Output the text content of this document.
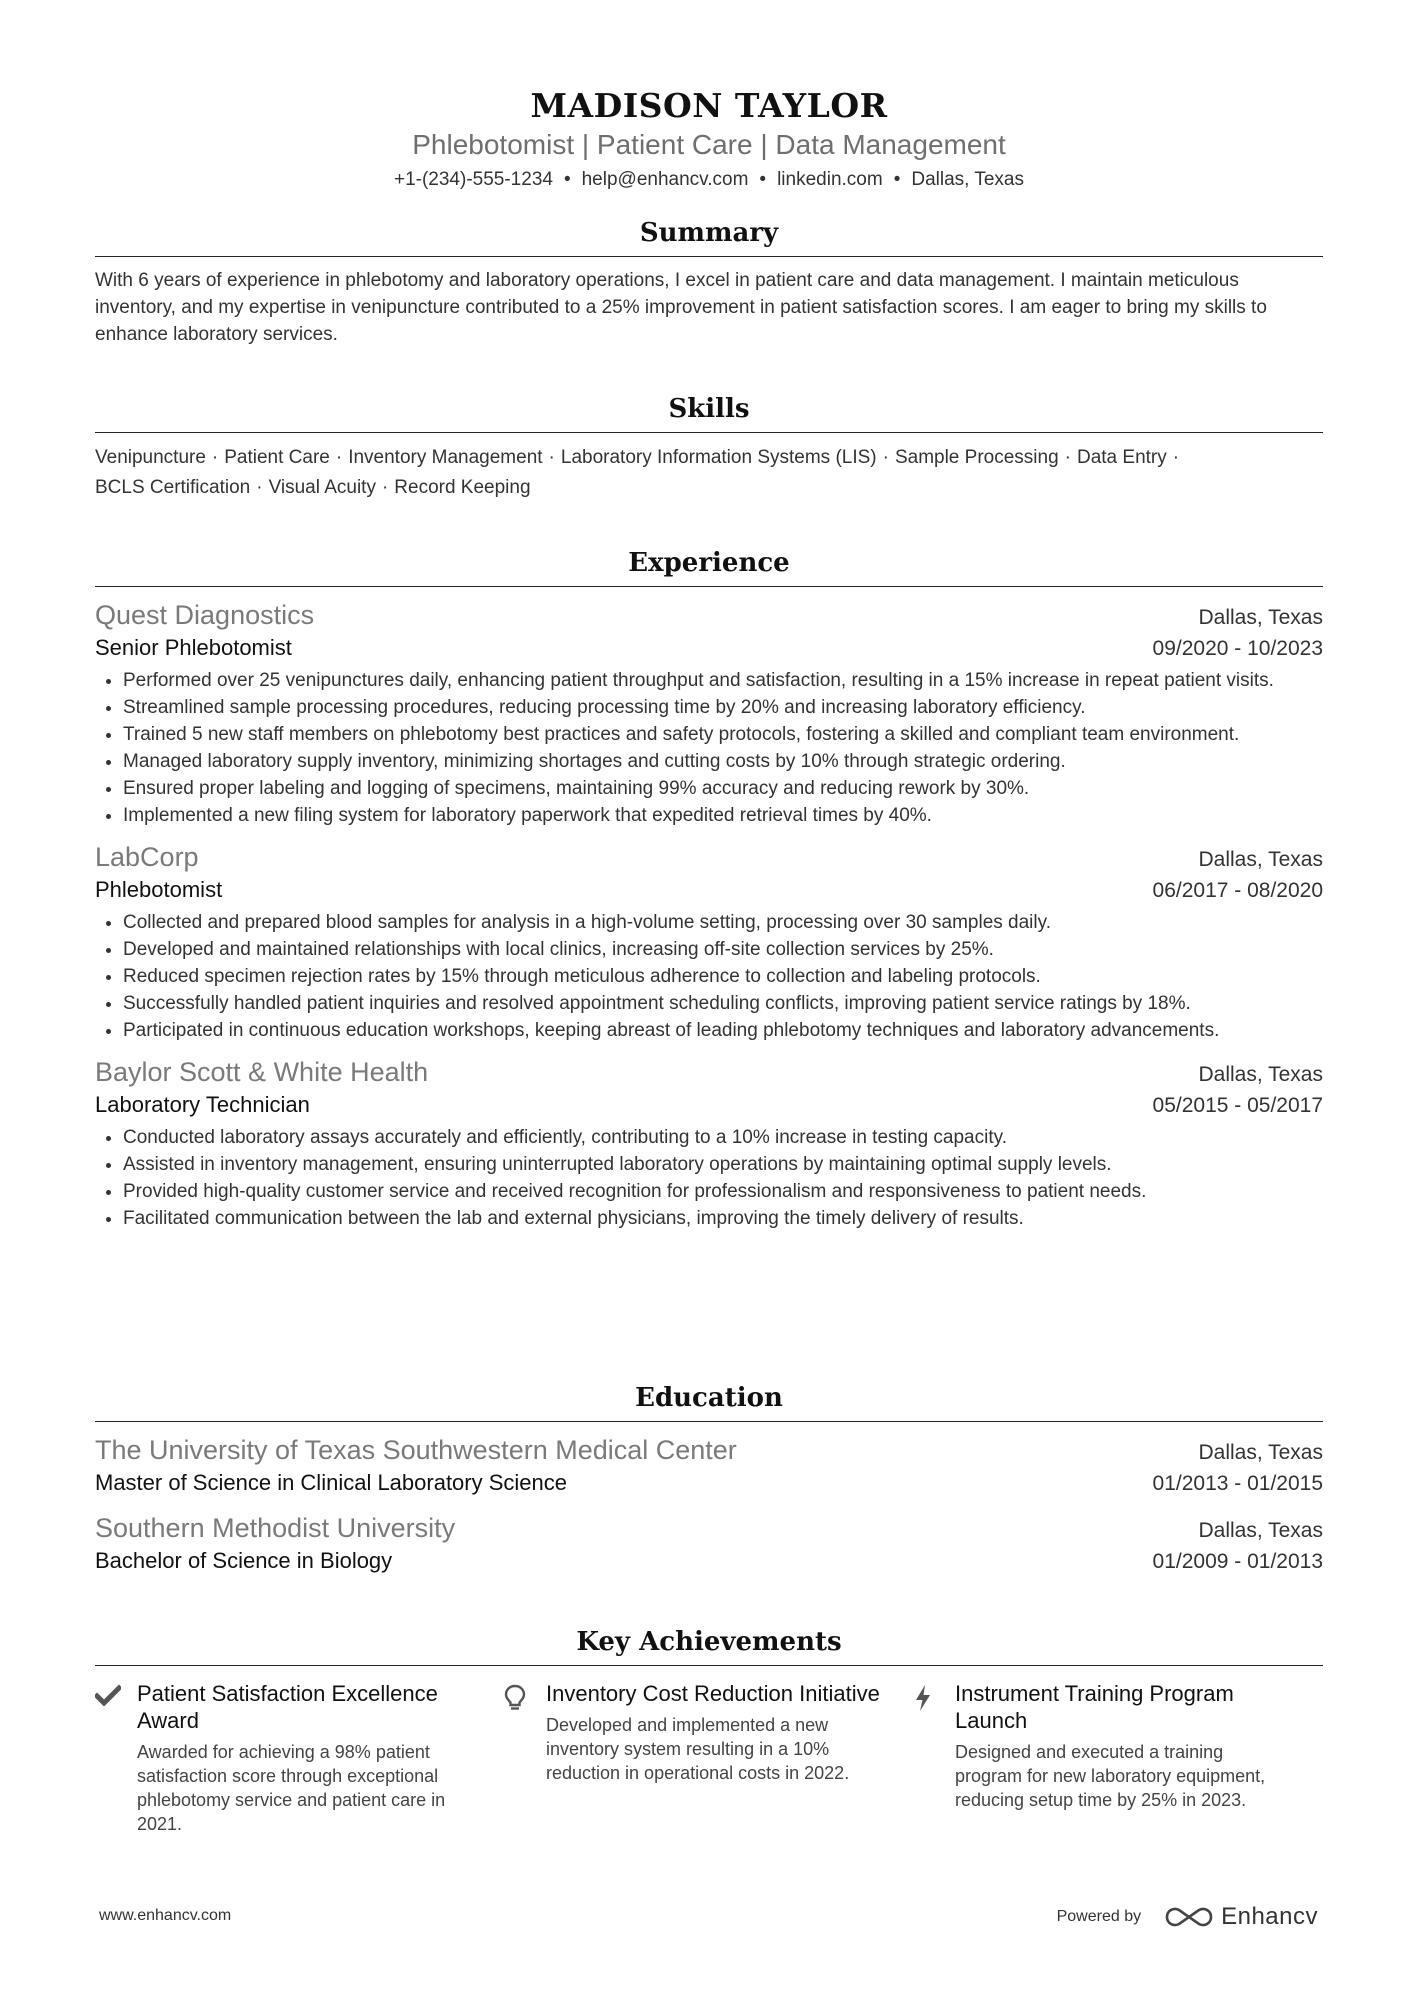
MADISON TAYLOR
Phlebotomist | Patient Care | Data Management
+1-(234)-555-1234 • help@enhancv.com • linkedin.com • Dallas, Texas
Summary

With 6 years of experience in phlebotomy and laboratory operations, I excel in patient care and data management. I maintain meticulous inventory, and my expertise in venipuncture contributed to a 25% improvement in patient satisfaction scores. I am eager to bring my skills to enhance laboratory services.

Skills
Venipuncture · Patient Care · Inventory Management · Laboratory Information Systems (LIS) · Sample Processing · Data Entry ·
BCLS Certification · Visual Acuity · Record Keeping
Experience
Quest Diagnostics	Dallas, Texas
Senior Phlebotomist	09/2020 - 10/2023
• Performed over 25 venipunctures daily, enhancing patient throughput and satisfaction, resulting in a 15% increase in repeat patient visits.
• Streamlined sample processing procedures, reducing processing time by 20% and increasing laboratory efficiency.
• Trained 5 new staff members on phlebotomy best practices and safety protocols, fostering a skilled and compliant team environment.
• Managed laboratory supply inventory, minimizing shortages and cutting costs by 10% through strategic ordering.
• Ensured proper labeling and logging of specimens, maintaining 99% accuracy and reducing rework by 30%.
• Implemented a new filing system for laboratory paperwork that expedited retrieval times by 40%.
LabCorp	Dallas, Texas
Phlebotomist	06/2017 - 08/2020
• Collected and prepared blood samples for analysis in a high-volume setting, processing over 30 samples daily.
• Developed and maintained relationships with local clinics, increasing off-site collection services by 25%.
• Reduced specimen rejection rates by 15% through meticulous adherence to collection and labeling protocols.
• Successfully handled patient inquiries and resolved appointment scheduling conflicts, improving patient service ratings by 18%.
• Participated in continuous education workshops, keeping abreast of leading phlebotomy techniques and laboratory advancements.
Baylor Scott & White Health	Dallas, Texas
Laboratory Technician	05/2015 - 05/2017
• Conducted laboratory assays accurately and efficiently, contributing to a 10% increase in testing capacity.
• Assisted in inventory management, ensuring uninterrupted laboratory operations by maintaining optimal supply levels.
• Provided high-quality customer service and received recognition for professionalism and responsiveness to patient needs.
• Facilitated communication between the lab and external physicians, improving the timely delivery of results.
Education
The University of Texas Southwestern Medical Center	Dallas, Texas
Master of Science in Clinical Laboratory Science	01/2013 - 01/2015
Southern Methodist University	Dallas, Texas
Bachelor of Science in Biology	01/2009 - 01/2013
Key Achievements
Patient Satisfaction Excellence Award
Awarded for achieving a 98% patient satisfaction score through exceptional phlebotomy service and patient care in 2021.
Inventory Cost Reduction Initiative
Developed and implemented a new inventory system resulting in a 10% reduction in operational costs in 2022.
Instrument Training Program Launch
Designed and executed a training program for new laboratory equipment, reducing setup time by 25% in 2023.
www.enhancv.com	Powered by	Enhancv
